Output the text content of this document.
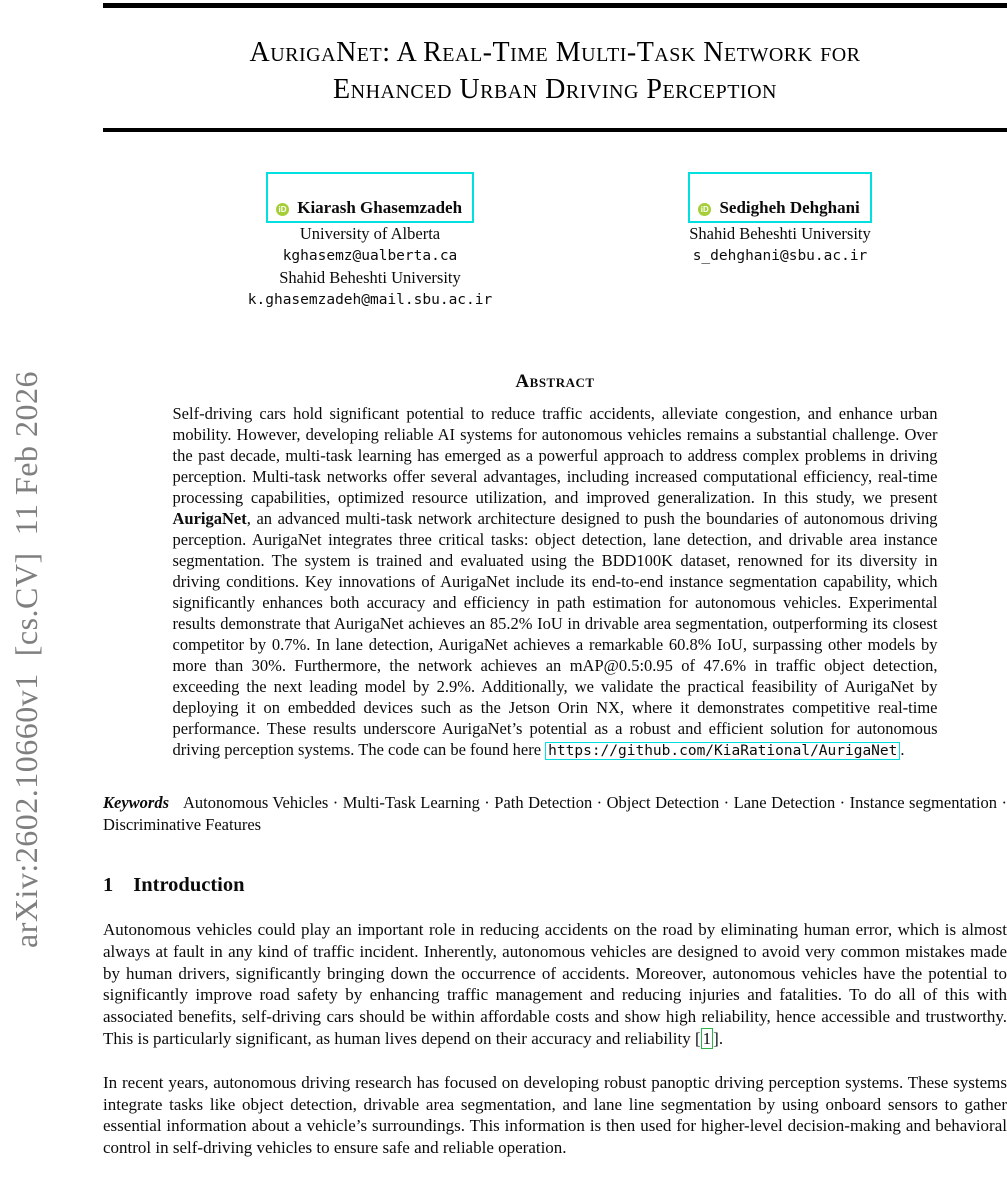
arXiv:2602.10660v1  [cs.CV]  11 Feb 2026
AurigaNet: A Real-Time Multi-Task Network for
Enhanced Urban Driving Perception
iD Kiarash Ghasemzadeh
University of Alberta
kghasemz@ualberta.ca
Shahid Beheshti University
k.ghasemzadeh@mail.sbu.ac.ir
iD Sedigheh Dehghani
Shahid Beheshti University
s_dehghani@sbu.ac.ir
Abstract
Self-driving cars hold significant potential to reduce traffic accidents, alleviate congestion, and enhance urban mobility. However, developing reliable AI systems for autonomous vehicles remains a substantial challenge. Over the past decade, multi-task learning has emerged as a powerful approach to address complex problems in driving perception. Multi-task networks offer several advantages, including increased computational efficiency, real-time processing capabilities, optimized resource utilization, and improved generalization. In this study, we present AurigaNet, an advanced multi-task network architecture designed to push the boundaries of autonomous driving perception. AurigaNet integrates three critical tasks: object detection, lane detection, and drivable area instance segmentation. The system is trained and evaluated using the BDD100K dataset, renowned for its diversity in driving conditions. Key innovations of AurigaNet include its end-to-end instance segmentation capability, which significantly enhances both accuracy and efficiency in path estimation for autonomous vehicles. Experimental results demonstrate that AurigaNet achieves an 85.2% IoU in drivable area segmentation, outperforming its closest competitor by 0.7%. In lane detection, AurigaNet achieves a remarkable 60.8% IoU, surpassing other models by more than 30%. Furthermore, the network achieves an mAP@0.5:0.95 of 47.6% in traffic object detection, exceeding the next leading model by 2.9%. Additionally, we validate the practical feasibility of AurigaNet by deploying it on embedded devices such as the Jetson Orin NX, where it demonstrates competitive real-time performance. These results underscore AurigaNet’s potential as a robust and efficient solution for autonomous driving perception systems. The code can be found here https://github.com/KiaRational/AurigaNet .
Keywords Autonomous Vehicles · Multi-Task Learning · Path Detection · Object Detection · Lane Detection · Instance segmentation · Discriminative Features
1 Introduction
Autonomous vehicles could play an important role in reducing accidents on the road by eliminating human error, which is almost always at fault in any kind of traffic incident. Inherently, autonomous vehicles are designed to avoid very common mistakes made by human drivers, significantly bringing down the occurrence of accidents. Moreover, autonomous vehicles have the potential to significantly improve road safety by enhancing traffic management and reducing injuries and fatalities. To do all of this with associated benefits, self-driving cars should be within affordable costs and show high reliability, hence accessible and trustworthy. This is particularly significant, as human lives depend on their accuracy and reliability [ 1 ].
In recent years, autonomous driving research has focused on developing robust panoptic driving perception systems. These systems integrate tasks like object detection, drivable area segmentation, and lane line segmentation by using onboard sensors to gather essential information about a vehicle’s surroundings. This information is then used for higher-level decision-making and behavioral control in self-driving vehicles to ensure safe and reliable operation.
